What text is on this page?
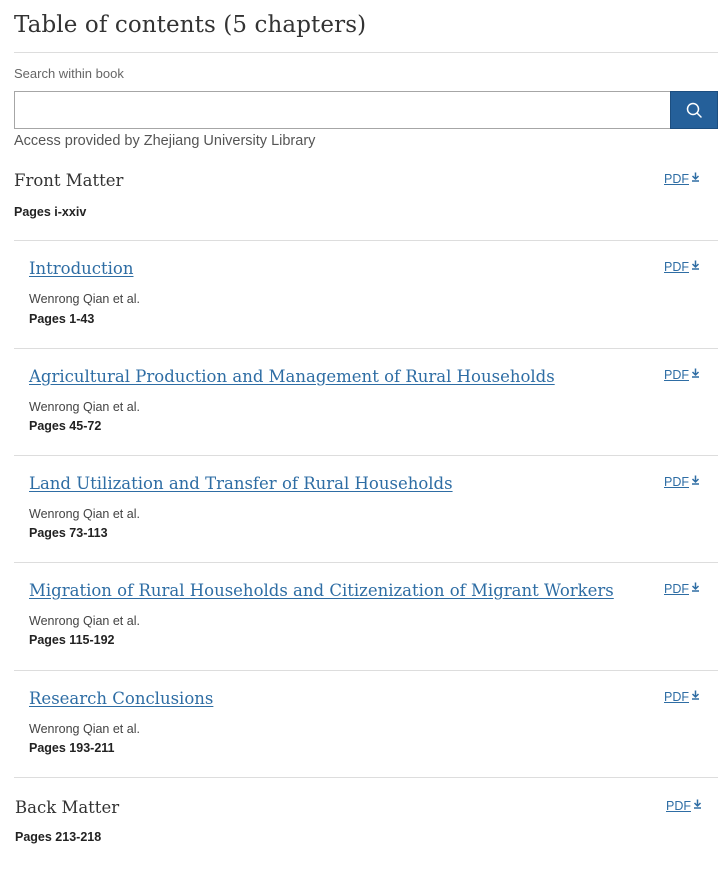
Table of contents (5 chapters)
Search within book
Access provided by Zhejiang University Library
Front Matter
Pages i-xxiv
PDF
Introduction
Wenrong Qian et al.
Pages 1-43
PDF
Agricultural Production and Management of Rural Households
Wenrong Qian et al.
Pages 45-72
PDF
Land Utilization and Transfer of Rural Households
Wenrong Qian et al.
Pages 73-113
PDF
Migration of Rural Households and Citizenization of Migrant Workers
Wenrong Qian et al.
Pages 115-192
PDF
Research Conclusions
Wenrong Qian et al.
Pages 193-211
PDF
Back Matter
Pages 213-218
PDF
